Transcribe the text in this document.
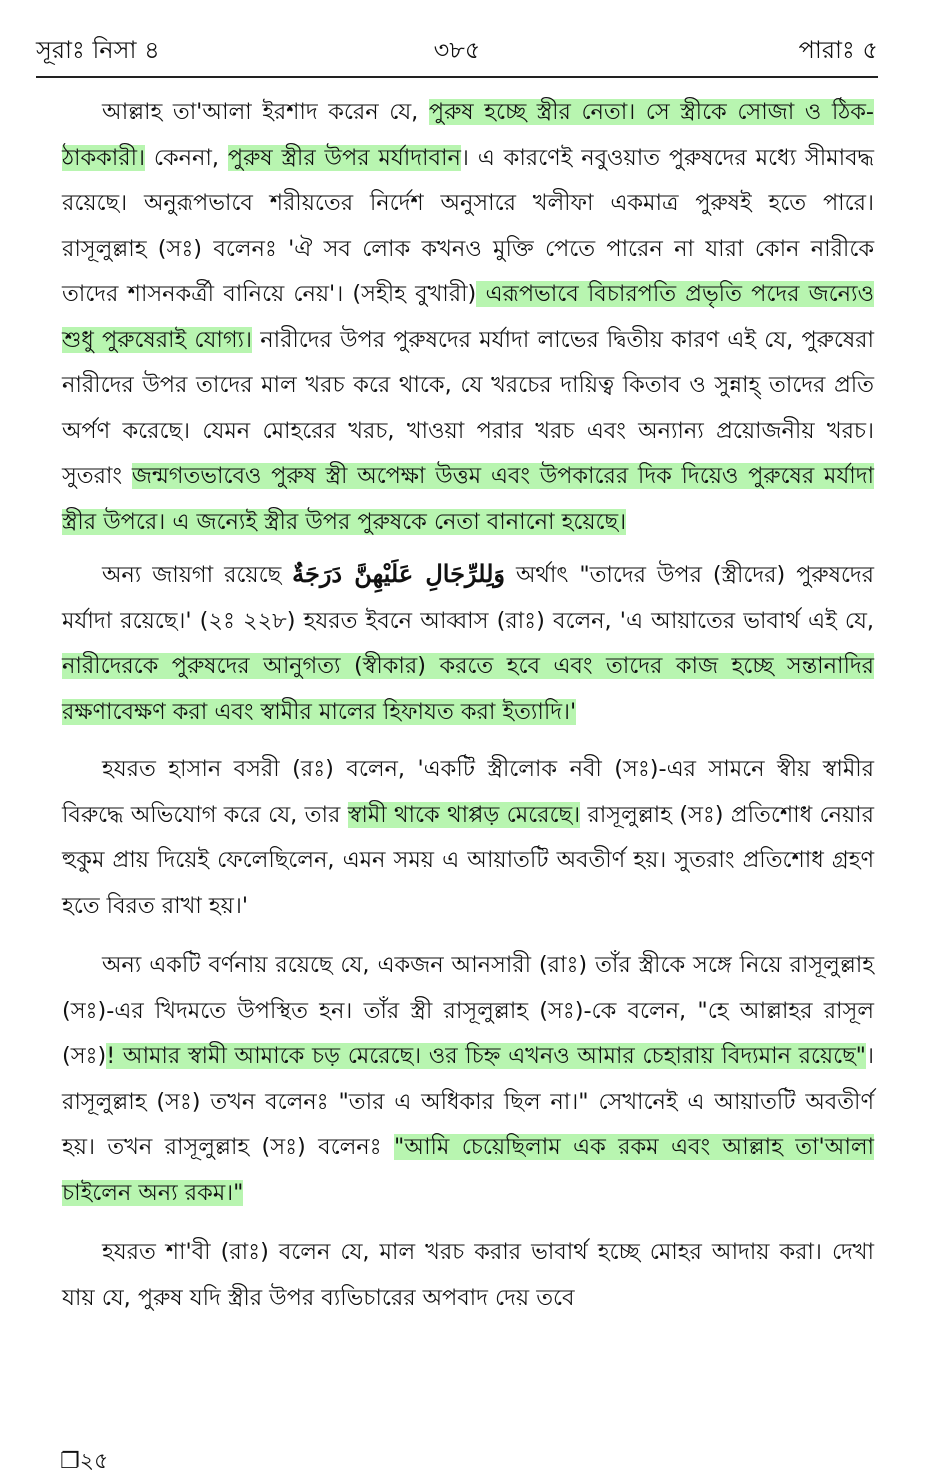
সূরাঃ নিসা ৪	৩৮৫	পারাঃ ৫

আল্লাহ তা'আলা ইরশাদ করেন যে, পুরুষ হচ্ছে স্ত্রীর নেতা। সে স্ত্রীকে সোজা ও ঠিক-ঠাককারী। কেননা, পুরুষ স্ত্রীর উপর মর্যাদাবান। এ কারণেই নবুওয়াত পুরুষদের মধ্যে সীমাবদ্ধ রয়েছে। অনুরূপভাবে শরীয়তের নির্দেশ অনুসারে খলীফা একমাত্র পুরুষই হতে পারে। রাসূলুল্লাহ (সঃ) বলেনঃ 'ঐ সব লোক কখনও মুক্তি পেতে পারেন না যারা কোন নারীকে তাদের শাসনকর্ত্রী বানিয়ে নেয়'। (সহীহ বুখারী) এরূপভাবে বিচারপতি প্রভৃতি পদের জন্যেও শুধু পুরুষেরাই যোগ্য। নারীদের উপর পুরুষদের মর্যাদা লাভের দ্বিতীয় কারণ এই যে, পুরুষেরা নারীদের উপর তাদের মাল খরচ করে থাকে, যে খরচের দায়িত্ব কিতাব ও সুন্নাহ্ তাদের প্রতি অর্পণ করেছে। যেমন মোহরের খরচ, খাওয়া পরার খরচ এবং অন্যান্য প্রয়োজনীয় খরচ। সুতরাং জন্মগতভাবেও পুরুষ স্ত্রী অপেক্ষা উত্তম এবং উপকারের দিক দিয়েও পুরুষের মর্যাদা স্ত্রীর উপরে। এ জন্যেই স্ত্রীর উপর পুরুষকে নেতা বানানো হয়েছে।

অন্য জায়গা রয়েছে وَلِلرِّجَالِ عَلَيْهِنَّ دَرَجَةٌ অর্থাৎ "তাদের উপর (স্ত্রীদের) পুরুষদের মর্যাদা রয়েছে।' (২ঃ ২২৮) হযরত ইবনে আব্বাস (রাঃ) বলেন, 'এ আয়াতের ভাবার্থ এই যে, নারীদেরকে পুরুষদের আনুগত্য (স্বীকার) করতে হবে এবং তাদের কাজ হচ্ছে সন্তানাদির রক্ষণাবেক্ষণ করা এবং স্বামীর মালের হিফাযত করা ইত্যাদি।'

হযরত হাসান বসরী (রঃ) বলেন, 'একটি স্ত্রীলোক নবী (সঃ)-এর সামনে স্বীয় স্বামীর বিরুদ্ধে অভিযোগ করে যে, তার স্বামী থাকে থাপ্পড় মেরেছে। রাসূলুল্লাহ (সঃ) প্রতিশোধ নেয়ার হুকুম প্রায় দিয়েই ফেলেছিলেন, এমন সময় এ আয়াতটি অবতীর্ণ হয়। সুতরাং প্রতিশোধ গ্রহণ হতে বিরত রাখা হয়।'

অন্য একটি বর্ণনায় রয়েছে যে, একজন আনসারী (রাঃ) তাঁর স্ত্রীকে সঙ্গে নিয়ে রাসূলুল্লাহ (সঃ)-এর খিদমতে উপস্থিত হন। তাঁর স্ত্রী রাসূলুল্লাহ (সঃ)-কে বলেন, "হে আল্লাহর রাসূল (সঃ)! আমার স্বামী আমাকে চড় মেরেছে। ওর চিহ্ন এখনও আমার চেহারায় বিদ্যমান রয়েছে"। রাসূলুল্লাহ (সঃ) তখন বলেনঃ "তার এ অধিকার ছিল না।" সেখানেই এ আয়াতটি অবতীর্ণ হয়। তখন রাসূলুল্লাহ (সঃ) বলেনঃ "আমি চেয়েছিলাম এক রকম এবং আল্লাহ তা'আলা চাইলেন অন্য রকম।"

হযরত শা'বী (রাঃ) বলেন যে, মাল খরচ করার ভাবার্থ হচ্ছে মোহর আদায় করা। দেখা যায় যে, পুরুষ যদি স্ত্রীর উপর ব্যভিচারের অপবাদ দেয় তবে

❐২৫
